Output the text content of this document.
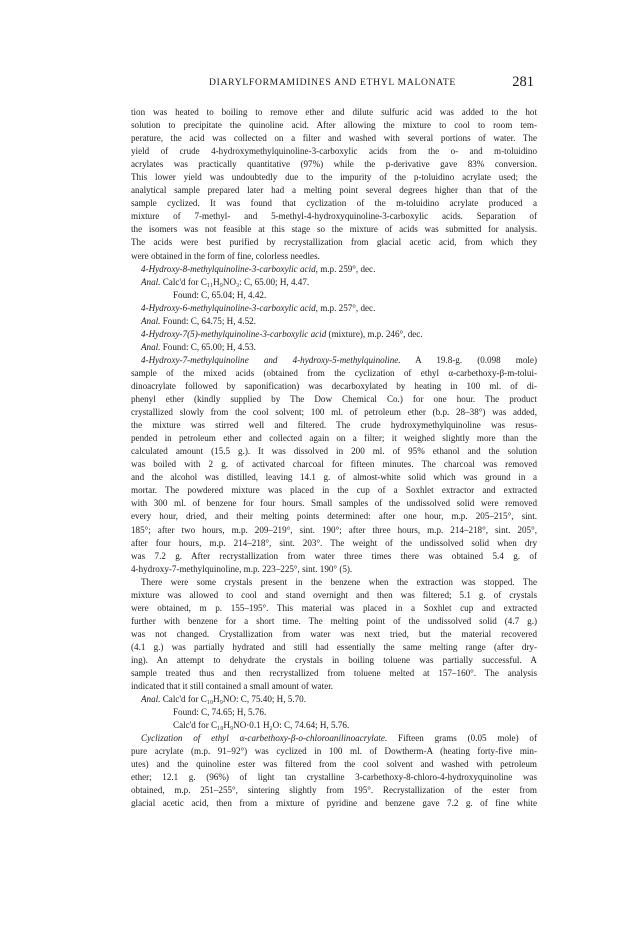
DIARYLFORMAMIDINES AND ETHYL MALONATE	281
tion was heated to boiling to remove ether and dilute sulfuric acid was added to the hot
solution to precipitate the quinoline acid. After allowing the mixture to cool to room tem-
perature, the acid was collected on a filter and washed with several portions of water. The
yield of crude 4-hydroxymethylquinoline-3-carboxylic acids from the o- and m-toluidino
acrylates was practically quantitative (97%) while the p-derivative gave 83% conversion.
This lower yield was undoubtedly due to the impurity of the p-toluidino acrylate used; the
analytical sample prepared later had a melting point several degrees higher than that of the
sample cyclized. It was found that cyclization of the m-toluidino acrylate produced a
mixture of 7-methyl- and 5-methyl-4-hydroxyquinoline-3-carboxylic acids. Separation of
the isomers was not feasible at this stage so the mixture of acids was submitted for analysis.
The acids were best purified by recrystallization from glacial acetic acid, from which they
were obtained in the form of fine, colorless needles.
4-Hydroxy-8-methylquinoline-3-carboxylic acid, m.p. 259°, dec.
Anal. Calc'd for C₁₁H₉NO₃: C, 65.00; H, 4.47.
Found: C, 65.04; H, 4.42.
4-Hydroxy-6-methylquinoline-3-carboxylic acid, m.p. 257°, dec.
Anal. Found: C, 64.75; H, 4.52.
4-Hydroxy-7(5)-methylquinoline-3-carboxylic acid (mixture), m.p. 246°, dec.
Anal. Found: C, 65.00; H, 4.53.
4-Hydroxy-7-methylquinoline and 4-hydroxy-5-methylquinoline. A 19.8-g. (0.098 mole)
sample of the mixed acids (obtained from the cyclization of ethyl α-carbethoxy-β-m-tolui-
dinoacrylate followed by saponification) was decarboxylated by heating in 100 ml. of di-
phenyl ether (kindly supplied by The Dow Chemical Co.) for one hour. The product
crystallized slowly from the cool solvent; 100 ml. of petroleum ether (b.p. 28–38°) was added,
the mixture was stirred well and filtered. The crude hydroxymethylquinoline was resus-
pended in petroleum ether and collected again on a filter; it weighed slightly more than the
calculated amount (15.5 g.). It was dissolved in 200 ml. of 95% ethanol and the solution
was boiled with 2 g. of activated charcoal for fifteen minutes. The charcoal was removed
and the alcohol was distilled, leaving 14.1 g. of almost-white solid which was ground in a
mortar. The powdered mixture was placed in the cup of a Soxhlet extractor and extracted
with 300 ml. of benzene for four hours. Small samples of the undissolved solid were removed
every hour, dried, and their melting points determined: after one hour, m.p. 205–215°, sint.
185°; after two hours, m.p. 209–219°, sint. 190°; after three hours, m.p. 214–218°, sint. 205°,
after four hours, m.p. 214–218°, sint. 203°. The weight of the undissolved solid when dry
was 7.2 g. After recrystallization from water three times there was obtained 5.4 g. of
4-hydroxy-7-methylquinoline, m.p. 223–225°, sint. 190° (5).
There were some crystals present in the benzene when the extraction was stopped. The
mixture was allowed to cool and stand overnight and then was filtered; 5.1 g. of crystals
were obtained, m p. 155–195°. This material was placed in a Soxhlet cup and extracted
further with benzene for a short time. The melting point of the undissolved solid (4.7 g.)
was not changed. Crystallization from water was next tried, but the material recovered
(4.1 g.) was partially hydrated and still had essentially the same melting range (after dry-
ing). An attempt to dehydrate the crystals in boiling toluene was partially successful. A
sample treated thus and then recrystallized from toluene melted at 157–160°. The analysis
indicated that it still contained a small amount of water.
Anal. Calc'd for C₁₀H₉NO: C, 75.40; H, 5.70.
Found: C, 74.65; H, 5.76.
Calc'd for C₁₀H₉NO·0.1 H₂O: C, 74.64; H, 5.76.
Cyclization of ethyl α-carbethoxy-β-o-chloroanilinoacrylate. Fifteen grams (0.05 mole) of
pure acrylate (m.p. 91–92°) was cyclized in 100 ml. of Dowtherm-A (heating forty-five min-
utes) and the quinoline ester was filtered from the cool solvent and washed with petroleum
ether; 12.1 g. (96%) of light tan crystalline 3-carbethoxy-8-chloro-4-hydroxyquinoline was
obtained, m.p. 251–255°, sintering slightly from 195°. Recrystallization of the ester from
glacial acetic acid, then from a mixture of pyridine and benzene gave 7.2 g. of fine white
